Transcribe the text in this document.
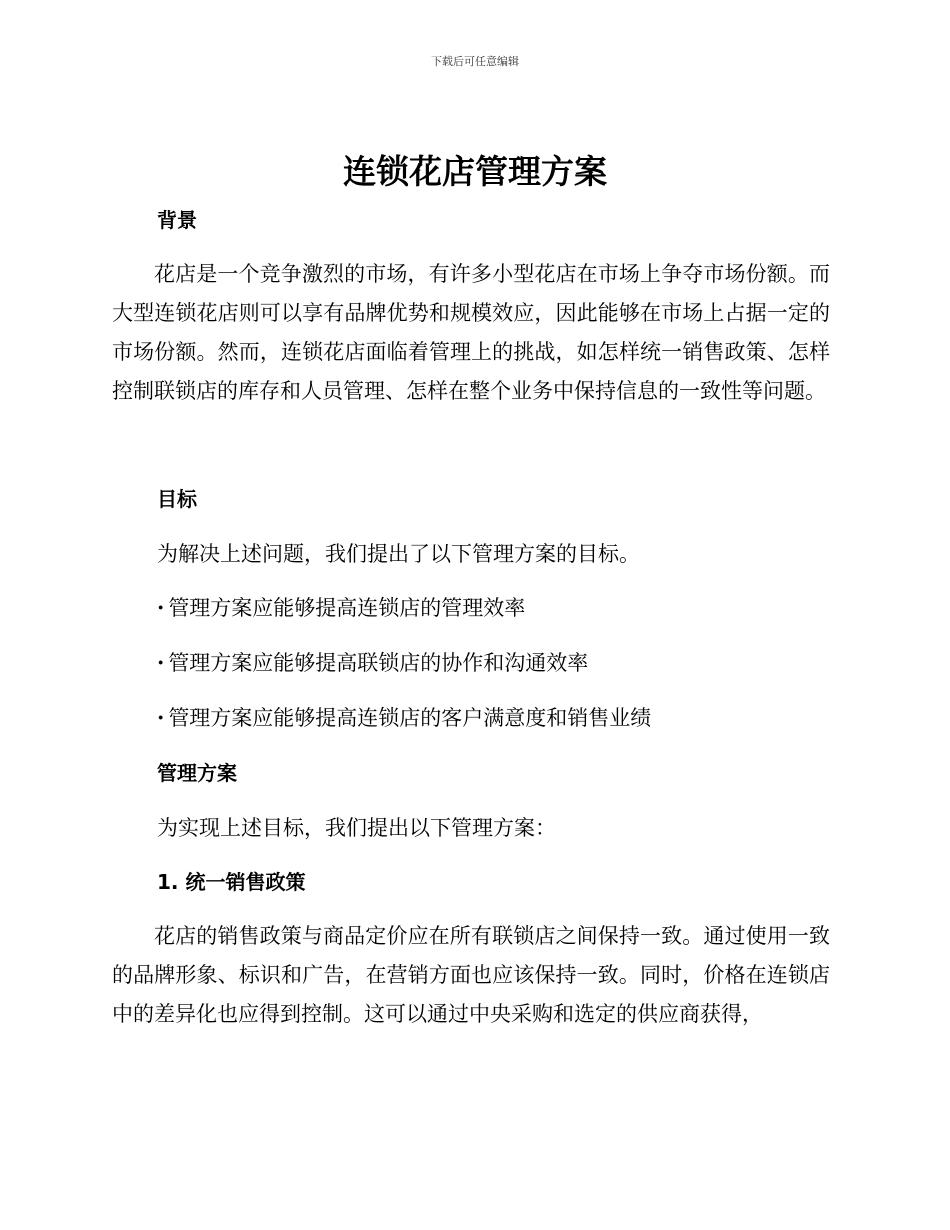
下载后可任意编辑
连锁花店管理方案
背景

花店是一个竞争激烈的市场，有许多小型花店在市场上争夺市场份额。而大型连锁花店则可以享有品牌优势和规模效应，因此能够在市场上占据一定的市场份额。然而，连锁花店面临着管理上的挑战，如怎样统一销售政策、怎样控制联锁店的库存和人员管理、怎样在整个业务中保持信息的一致性等问题。

目标

为解决上述问题，我们提出了以下管理方案的目标。

· 管理方案应能够提高连锁店的管理效率

· 管理方案应能够提高联锁店的协作和沟通效率

· 管理方案应能够提高连锁店的客户满意度和销售业绩

管理方案

为实现上述目标，我们提出以下管理方案：

1. 统一销售政策

花店的销售政策与商品定价应在所有联锁店之间保持一致。通过使用一致的品牌形象、标识和广告，在营销方面也应该保持一致。同时，价格在连锁店中的差异化也应得到控制。这可以通过中央采购和选定的供应商获得，
